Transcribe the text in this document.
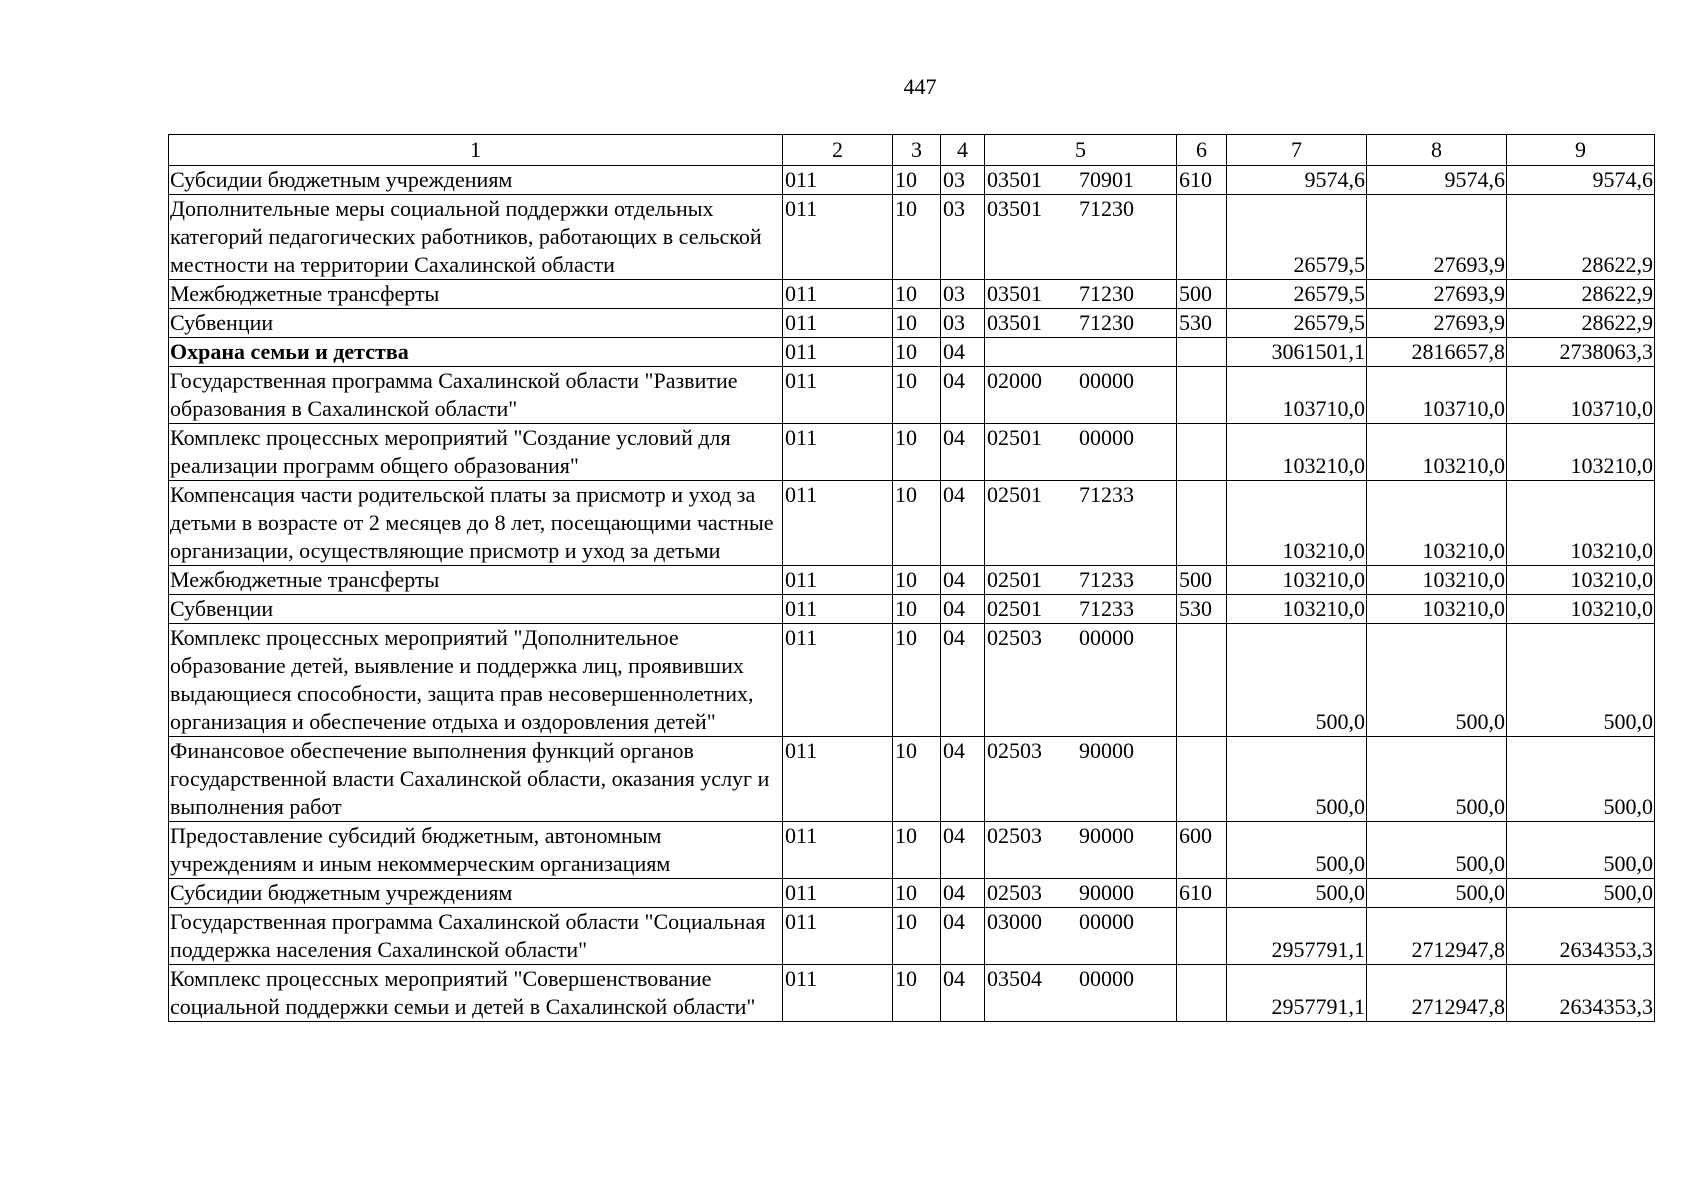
447
1	2	3	4	5	6	7	8	9
Субсидии бюджетным учреждениям	011	10	03	03501 70901	610	9574,6	9574,6	9574,6
Дополнительные меры социальной поддержки отдельных категорий педагогических работников, работающих в сельской местности на территории Сахалинской области	011	10	03	03501 71230		26579,5	27693,9	28622,9
Межбюджетные трансферты	011	10	03	03501 71230	500	26579,5	27693,9	28622,9
Субвенции	011	10	03	03501 71230	530	26579,5	27693,9	28622,9
Охрана семьи и детства	011	10	04			3061501,1	2816657,8	2738063,3
Государственная программа Сахалинской области "Развитие образования в Сахалинской области"	011	10	04	02000 00000		103710,0	103710,0	103710,0
Комплекс процессных мероприятий "Создание условий для реализации программ общего образования"	011	10	04	02501 00000		103210,0	103210,0	103210,0
Компенсация части родительской платы за присмотр и уход за детьми в возрасте от 2 месяцев до 8 лет, посещающими частные организации, осуществляющие присмотр и уход за детьми	011	10	04	02501 71233		103210,0	103210,0	103210,0
Межбюджетные трансферты	011	10	04	02501 71233	500	103210,0	103210,0	103210,0
Субвенции	011	10	04	02501 71233	530	103210,0	103210,0	103210,0
Комплекс процессных мероприятий "Дополнительное образование детей, выявление и поддержка лиц, проявивших выдающиеся способности, защита прав несовершеннолетних, организация и обеспечение отдыха и оздоровления детей"	011	10	04	02503 00000		500,0	500,0	500,0
Финансовое обеспечение выполнения функций органов государственной власти Сахалинской области, оказания услуг и выполнения работ	011	10	04	02503 90000		500,0	500,0	500,0
Предоставление субсидий бюджетным, автономным учреждениям и иным некоммерческим организациям	011	10	04	02503 90000	600	500,0	500,0	500,0
Субсидии бюджетным учреждениям	011	10	04	02503 90000	610	500,0	500,0	500,0
Государственная программа Сахалинской области "Социальная поддержка населения Сахалинской области"	011	10	04	03000 00000		2957791,1	2712947,8	2634353,3
Комплекс процессных мероприятий "Совершенствование социальной поддержки семьи и детей в Сахалинской области"	011	10	04	03504 00000		2957791,1	2712947,8	2634353,3
